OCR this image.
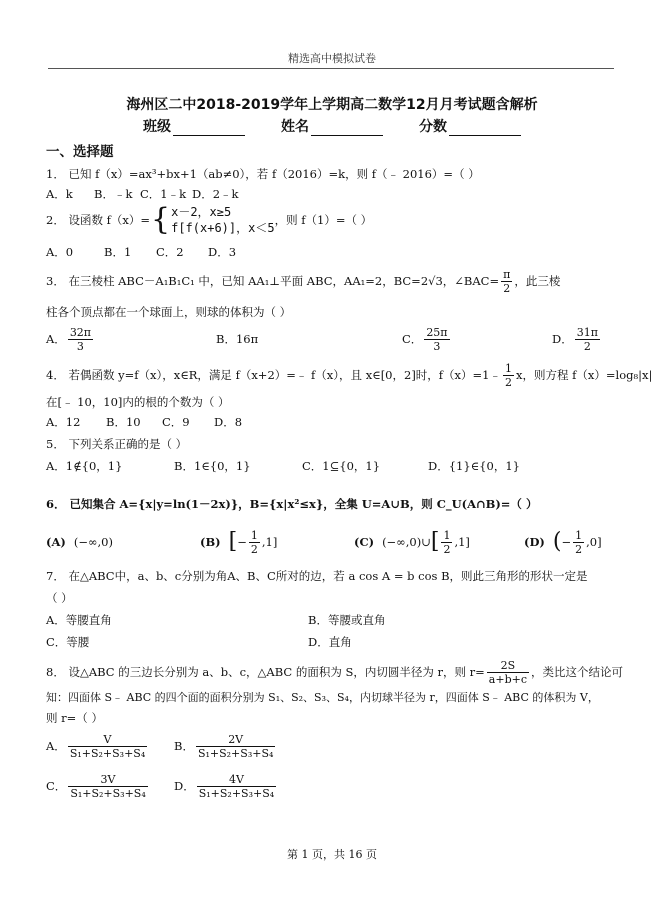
精选高中模拟试卷
海州区二中2018-2019学年上学期高二数学12月月考试题含解析
班级	姓名	分数
一、选择题
1． 已知 f（x）=ax³+bx+1（ab≠0），若 f（2016）=k，则 f（﹣ 2016）=（ ）
A．k	B．﹣k C．1﹣k D．2﹣k
2． 设函数 f（x）= { x－2，x≥5
f[f(x+6)]，x＜5
，则 f（1）=（ ）
A．0	B．1	C．2	D．3
3． 在三棱柱 ABC－A₁B₁C₁ 中，已知 AA₁⊥平面 ABC，AA₁=2，BC=2√3，∠BAC= $\frac{\pi}{2}$ ，此三棱
柱各个顶点都在一个球面上，则球的体积为（ ）
A． $\frac{32\pi}{3}$	B．16π	C． $\frac{25\pi}{3}$	D． $\frac{31\pi}{2}$
4． 若偶函数 y=f（x），x∈R，满足 f（x+2）=﹣ f（x），且 x∈[0，2]时，f（x）=1﹣ $\frac{1}{2}$ x，则方程 f（x）=log₈|x|
在[﹣ 10，10]内的根的个数为（ ）
A．12	B．10	C．9	D．8
5． 下列关系正确的是（ ）
A．1∉{0，1}	B．1∈{0，1}	C．1⊆{0，1}	D．{1}∈{0，1}
6． 已知集合 A={x|y=ln(1－2x)}，B={x|x²≤x}，全集 U=A∪B，则 C_U(A∩B)=（ ）
(A) (−∞,0)	(B)
[ − $\frac{1}{2} ,1$]	(C)
(−∞,0)∪ [ $\frac{1}{2} ,1$]	(D)
( − $\frac{1}{2} ,0$]
7． 在△ABC中，a、b、c分别为角A、B、C所对的边，若 a cos A = b cos B，则此三角形的形状一定是
（ ）
A．等腰直角	B．等腰或直角
C．等腰	D．直角
8． 设△ABC 的三边长分别为 a、b、c，△ABC 的面积为 S，内切圆半径为 r，则 $r= \frac{2S}{a+b+c}$ ，类比这个结论可
知：四面体 S﹣ ABC 的四个面的面积分别为 S₁、S₂、S₃、S₄，内切球半径为 r，四面体 S﹣ ABC 的体积为 V，
则 r=（ ）
A． $\frac{V}{\text{S₁+S₂+S₃+S₄}}$ B． $\frac{2V}{\text{S₁+S₂+S₃+S₄}}$
C． $\frac{3V}{\text{S₁+S₂+S₃+S₄}}$ D． $\frac{4V}{\text{S₁+S₂+S₃+S₄}}$
第 1 页，共 16 页
